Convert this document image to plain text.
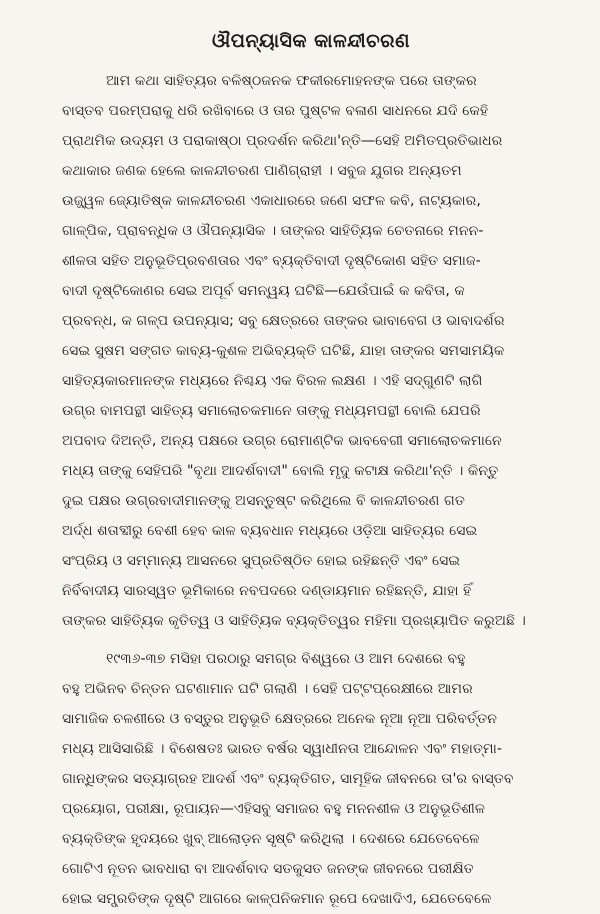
ଔପନ୍ୟାସିକ କାଳନ୍ଦୀଚରଣ
ଆମ କଥା ସାହିତ୍ୟର ବଳିଷ୍ଠଜନକ ଫକୀରମୋହନଙ୍କ ପରେ ତାଙ୍କର
ବାସ୍ତବ ପରମ୍ପରାକୁ ଧରି ରଖିବାରେ ଓ ତାର ପୁଷ୍ଟଳ ବଳାଣ ସାଧନରେ ଯଦି କେହି
ପ୍ରାଥମିକ ଉଦ୍ୟମ ଓ ପରାକାଷ୍ଠା ପ୍ରଦର୍ଶନ କରିଥା'ନ୍ତି—ସେହି ଅମିତପ୍ରତିଭାଧର
କଥାକାର ଜଣକ ହେଲେ କାଳନ୍ଦୀଚରଣ ପାଣିଗ୍ରାହୀ । ସବୁଜ ଯୁଗର ଅନ୍ୟତମ
ଉଜ୍ଜ୍ୱଳ ଜ୍ୟୋତିଷ୍କ କାଳନ୍ଦୀଚରଣ ଏକାଧାରରେ ଜଣେ ସଫଳ କବି, ନାଟ୍ୟକାର,
ଗାଳ୍ପିକ, ପ୍ରାବନ୍ଧିକ ଓ ଔପନ୍ୟାସିକ । ତାଙ୍କର ସାହିତ୍ୟିକ ଚେତନାରେ ମନନ-
ଶୀଳତା ସହିତ ଅନୁଭୂତିପ୍ରବଣତାର ଏବଂ ବ୍ୟକ୍ତିବାଦୀ ଦୃଷ୍ଟିକୋଣ ସହିତ ସମାଜ-
ବାଦୀ ଦୃଷ୍ଟିକୋଣର ସେଇ ଅପୂର୍ବ ସମନ୍ୱୟ ଘଟିଛି—ଯେଉଁପାଇଁ କ କବିତା, କ
ପ୍ରବନ୍ଧ, କ ଗଳ୍ପ ଉପନ୍ୟାସ; ସବୁ କ୍ଷେତ୍ରରେ ତାଙ୍କର ଭାବାବେଗ ଓ ଭାବାଦର୍ଶର
ସେଇ ସୁଷମ ସଙ୍ଗତ କାବ୍ୟ-କୁଶଳ ଅଭିବ୍ୟକ୍ତି ଘଟିଛି, ଯାହା ତାଙ୍କର ସମସାମୟିକ
ସାହିତ୍ୟକାରମାନଙ୍କ ମଧ୍ୟରେ ନିଶ୍ଚୟ ଏକ ବିରଳ ଲକ୍ଷଣ । ଏହି ସଦ୍‌ଗୁଣଟି ଲାଗି
ଉଗ୍ର ବାମପନ୍ଥୀ ସାହିତ୍ୟ ସମାଲୋଚକମାନେ ତାଙ୍କୁ ମଧ୍ୟମପନ୍ଥୀ ବୋଲି ଯେପରି
ଅପବାଦ ଦିଅନ୍ତି, ଅନ୍ୟ ପକ୍ଷରେ ଉଗ୍ର ରୋମାଣ୍ଟିକ ଭାବବେଗୀ ସମାଲୋଚକମାନେ
ମଧ୍ୟ ତାଙ୍କୁ ସେହିପରି "ବୃଥା ଆଦର୍ଶବାଦୀ" ବୋଲି ମୃଦୁ କଟାକ୍ଷ କରିଥା'ନ୍ତି । କିନ୍ତୁ
ଦୁଇ ପକ୍ଷର ଉଗ୍ରବାଦୀମାନଙ୍କୁ ଅସନ୍ତୁଷ୍ଟ କରିଥିଲେ ବି କାଳନ୍ଦୀଚରଣ ଗତ
ଅର୍ଦ୍ଧ ଶତାବ୍ଦୀରୁ ବେଶୀ ହେବ କାଳ ବ୍ୟବଧାନ ମଧ୍ୟରେ ଓଡ଼ିଆ ସାହିତ୍ୟର ସେଇ
ସଂପ୍ରିୟ ଓ ସମ୍ମାନ୍ୟ ଆସନରେ ସୁପ୍ରତିଷ୍ଠିତ ହୋଇ ରହିଛନ୍ତି ଏବଂ ସେଇ
ନିର୍ବିବାଦୀୟ ସାରସ୍ୱତ ଭୂମିକାରେ ନବପଦରେ ଦଣ୍ଡାୟମାନ ରହିଛନ୍ତି, ଯାହା ହିଁ
ତାଙ୍କର ସାହିତ୍ୟିକ କୃତିତ୍ୱ ଓ ସାହିତ୍ୟିକ ବ୍ୟକ୍ତିତ୍ୱର ମହିମା ପ୍ରଖ୍ୟାପିତ କରୁଅଛି ।
୧୯୩୬-୩୭ ମସିହା ପରଠାରୁ ସମଗ୍ର ବିଶ୍ୱରେ ଓ ଆମ ଦେଶରେ ବହୁ
ବହୁ ଅଭିନବ ଚିନ୍ତନ ଘଟଣାମାନ ଘଟି ଗଲାଣି । ସେହି ପଟ୍ଟପ୍ରେକ୍ଷୀରେ ଆମର
ସାମାଜିକ ଚଳଣୀରେ ଓ ବସ୍ତୁର ଅନୁଭୂତି କ୍ଷେତ୍ରରେ ଅନେକ ନୂଆ ନୂଆ ପରିବର୍ତ୍ତନ
ମଧ୍ୟ ଆସିସାରିଛି । ବିଶେଷତଃ ଭାରତ ବର୍ଷର ସ୍ୱାଧୀନତା ଆନ୍ଦୋଳନ ଏବଂ ମହାତ୍ମା-
ଗାନ୍ଧିଙ୍କର ସତ୍ୟାଗ୍ରହ ଆଦର୍ଶ ଏବଂ ବ୍ୟକ୍ତିଗତ, ସାମୂହିକ ଜୀବନରେ ତା'ର ବାସ୍ତବ
ପ୍ରୟୋଗ, ପରୀକ୍ଷା, ରୂପାୟନ—ଏହିସବୁ ସମାଜର ବହୁ ମନନଶୀଳ ଓ ଅନୁଭୂତିଶୀଳ
ବ୍ୟକ୍ତିଙ୍କ ହୃଦୟରେ ଖୁବ୍ ଆଲୋଡ଼ନ ସୃଷ୍ଟି କରିଥିଲା । ଦେଶରେ ଯେତେବେଳେ
ଗୋଟିଏ ନୂତନ ଭାବଧାରା ବା ଆଦର୍ଶବାଦ ସତକୁସତ ଜନଙ୍କ ଜୀବନରେ ପରୀକ୍ଷିତ
ହୋଇ ସମ୍ପ୍ରତିଙ୍କ ଦୃଷ୍ଟି ଆଗରେ କାଳ୍ପନିକମାନ ରୂପେ ଦେଖାଦିଏ, ଯେତେବେଳେ
